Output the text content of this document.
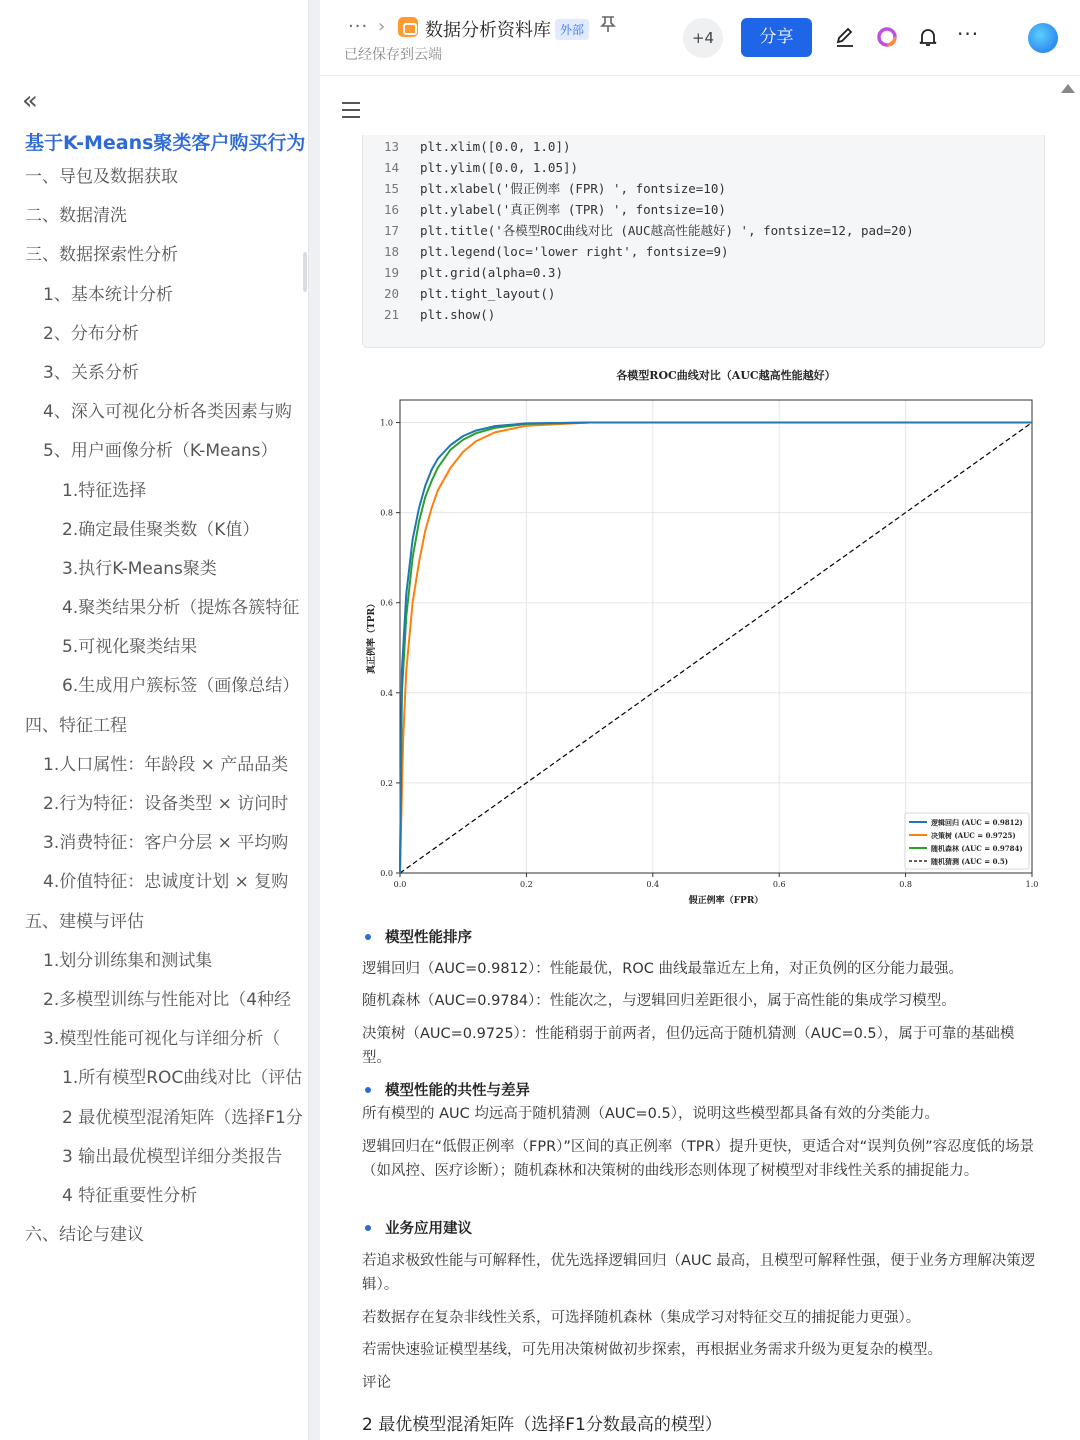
«
基于K-Means聚类客户购买行为
一、导包及数据获取
二、数据清洗
三、数据探索性分析
1、基本统计分析
2、分布分析
3、关系分析
4、深入可视化分析各类因素与购
5、用户画像分析（K-Means）
1.特征选择
2.确定最佳聚类数（K值）
3.执行K-Means聚类
4.聚类结果分析（提炼各簇特征
5.可视化聚类结果
6.生成用户簇标签（画像总结）
四、特征工程
1.人口属性：年龄段 × 产品品类
2.行为特征：设备类型 × 访问时
3.消费特征：客户分层 × 平均购
4.价值特征：忠诚度计划 × 复购
五、建模与评估
1.划分训练集和测试集
2.多模型训练与性能对比（4种经
3.模型性能可视化与详细分析（
1.所有模型ROC曲线对比（评估
2 最优模型混淆矩阵（选择F1分
3 输出最优模型详细分类报告
4 特征重要性分析
六、结论与建议
··· › 数据分析资料库 外部
已经保存到云端
+4	分享	···
13 plt.xlim([0.0, 1.0])
14 plt.ylim([0.0, 1.05])
15 plt.xlabel('假正例率 (FPR) ', fontsize=10)
16 plt.ylabel('真正例率 (TPR) ', fontsize=10)
17 plt.title('各模型ROC曲线对比 (AUC越高性能越好) ', fontsize=12, pad=20)
18 plt.legend(loc='lower right', fontsize=9)
19 plt.grid(alpha=0.3)
20 plt.tight_layout()
21 plt.show()
0.0	0.2	0.4	0.6	0.8	1.0
0.0
0.2
0.4
0.6
0.8
1.0
各模型ROC曲线对比（AUC越高性能越好）
假正例率（FPR）
真正例率（TPR）
逻辑回归 (AUC = 0.9812)
决策树 (AUC = 0.9725)
随机森林 (AUC = 0.9784)
随机猜测 (AUC = 0.5)
模型性能排序
逻辑回归（AUC=0.9812）：性能最优，ROC 曲线最靠近左上角，对正负例的区分能力最强。
随机森林（AUC=0.9784）：性能次之，与逻辑回归差距很小，属于高性能的集成学习模型。
决策树（AUC=0.9725）：性能稍弱于前两者，但仍远高于随机猜测（AUC=0.5），属于可靠的基础模型。
模型性能的共性与差异
所有模型的 AUC 均远高于随机猜测（AUC=0.5），说明这些模型都具备有效的分类能力。
逻辑回归在“低假正例率（FPR）”区间的真正例率（TPR）提升更快，更适合对“误判负例”容忍度低的场景（如风控、医疗诊断）；随机森林和决策树的曲线形态则体现了树模型对非线性关系的捕捉能力。
业务应用建议
若追求极致性能与可解释性，优先选择逻辑回归（AUC 最高，且模型可解释性强，便于业务方理解决策逻辑）。
若数据存在复杂非线性关系，可选择随机森林（集成学习对特征交互的捕捉能力更强）。
若需快速验证模型基线，可先用决策树做初步探索，再根据业务需求升级为更复杂的模型。
评论
2 最优模型混淆矩阵（选择F1分数最高的模型）
